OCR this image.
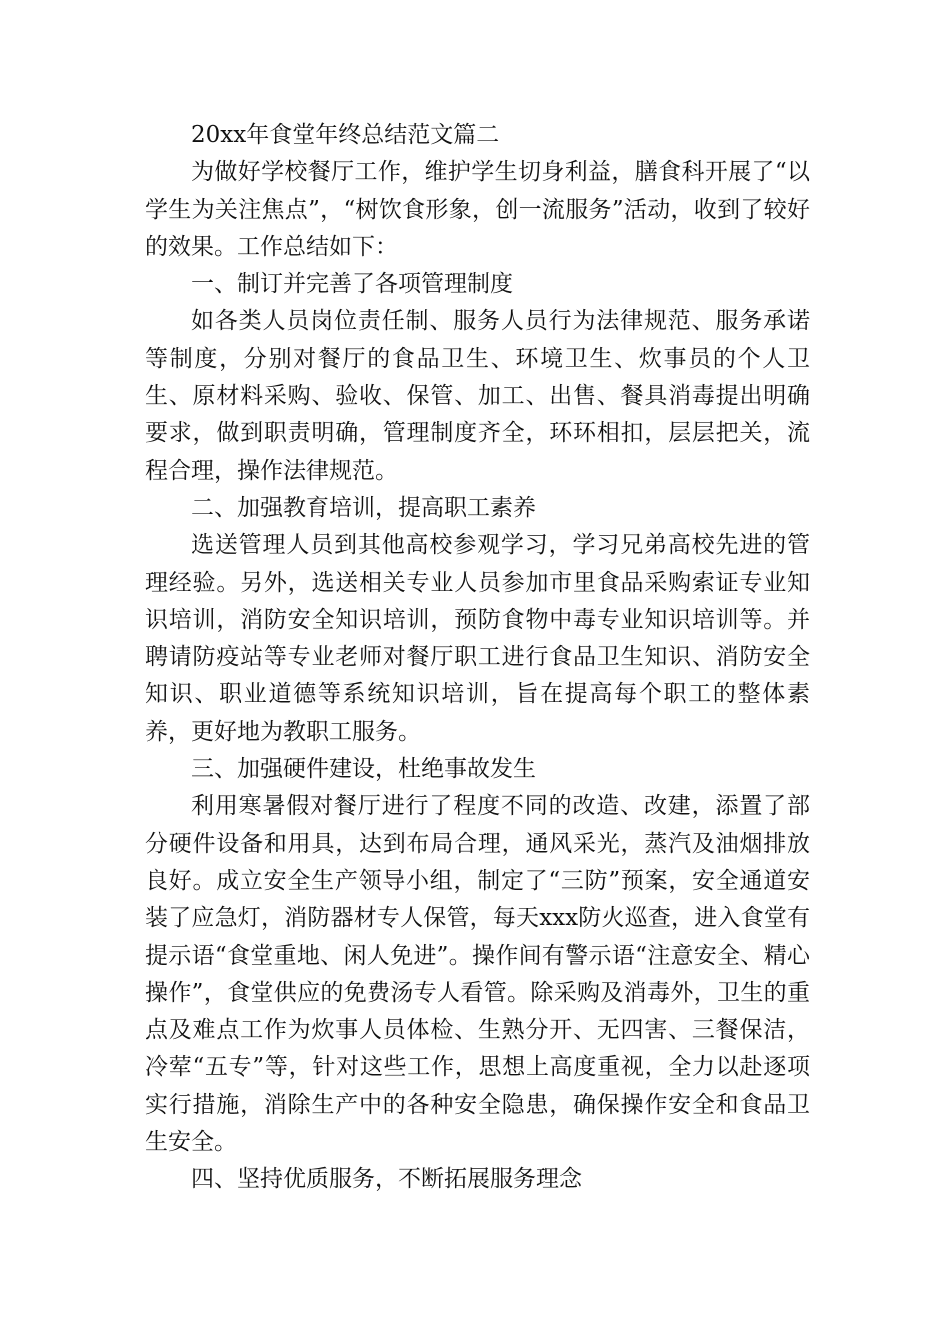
20xx年食堂年终总结范文篇二

为做好学校餐厅工作，维护学生切身利益，膳食科开展了“以学生为关注焦点”，“树饮食形象，创一流服务”活动，收到了较好的效果。工作总结如下：

一、制订并完善了各项管理制度

如各类人员岗位责任制、服务人员行为法律规范、服务承诺等制度，分别对餐厅的食品卫生、环境卫生、炊事员的个人卫生、原材料采购、验收、保管、加工、出售、餐具消毒提出明确要求，做到职责明确，管理制度齐全，环环相扣，层层把关，流程合理，操作法律规范。

二、加强教育培训，提高职工素养

选送管理人员到其他高校参观学习，学习兄弟高校先进的管理经验。另外，选送相关专业人员参加市里食品采购索证专业知识培训，消防安全知识培训，预防食物中毒专业知识培训等。并聘请防疫站等专业老师对餐厅职工进行食品卫生知识、消防安全知识、职业道德等系统知识培训，旨在提高每个职工的整体素养，更好地为教职工服务。

三、加强硬件建设，杜绝事故发生

利用寒暑假对餐厅进行了程度不同的改造、改建，添置了部分硬件设备和用具，达到布局合理，通风采光，蒸汽及油烟排放良好。成立安全生产领导小组，制定了“三防”预案，安全通道安装了应急灯，消防器材专人保管，每天xxx防火巡查，进入食堂有提示语“食堂重地、闲人免进”。操作间有警示语“注意安全、精心操作”，食堂供应的免费汤专人看管。除采购及消毒外，卫生的重点及难点工作为炊事人员体检、生熟分开、无四害、三餐保洁，冷荤“五专”等，针对这些工作，思想上高度重视，全力以赴逐项实行措施，消除生产中的各种安全隐患，确保操作安全和食品卫生安全。

四、坚持优质服务，不断拓展服务理念
